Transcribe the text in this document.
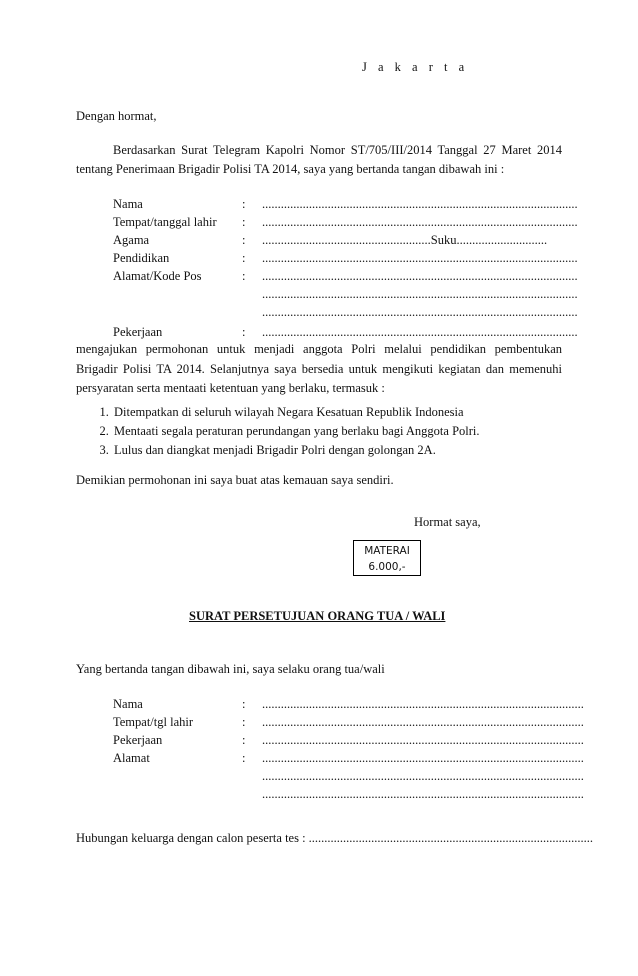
J a k a r t a
Dengan hormat,
Berdasarkan Surat Telegram Kapolri Nomor ST/705/III/2014 Tanggal 27 Maret 2014
tentang Penerimaan Brigadir Polisi TA 2014, saya yang bertanda tangan dibawah ini :
Nama	: .....................................................................................................
Tempat/tanggal lahir : .....................................................................................................
Agama	: ......................................................Suku.............................
Pendidikan	: .....................................................................................................
Alamat/Kode Pos	: .....................................................................................................
.....................................................................................................
.....................................................................................................
Pekerjaan	: .....................................................................................................
mengajukan permohonan untuk menjadi anggota Polri melalui pendidikan pembentukan Brigadir Polisi TA 2014. Selanjutnya saya bersedia untuk mengikuti kegiatan dan memenuhi persyaratan serta mentaati ketentuan yang berlaku, termasuk :
1. Ditempatkan di seluruh wilayah Negara Kesatuan Republik Indonesia
2. Mentaati segala peraturan perundangan yang berlaku bagi Anggota Polri.
3. Lulus dan diangkat menjadi Brigadir Polri dengan golongan 2A.
Demikian permohonan ini saya buat atas kemauan saya sendiri.
Hormat saya,
MATERAI
6.000,-
SURAT PERSETUJUAN ORANG TUA / WALI
Yang bertanda tangan dibawah ini, saya selaku orang tua/wali
Nama	: .......................................................................................................
Tempat/tgl lahir	: .......................................................................................................
Pekerjaan	: .......................................................................................................
Alamat	: .......................................................................................................
.......................................................................................................
.......................................................................................................
Hubungan keluarga dengan calon peserta tes : ...........................................................................................
